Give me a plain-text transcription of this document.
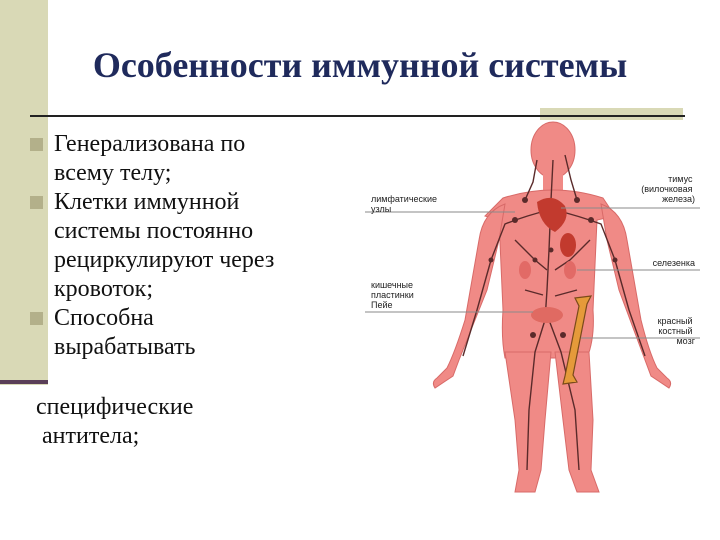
Особенности иммунной системы
Генерализована по
всему телу;
Клетки иммунной
системы постоянно
рециркулируют через
кровоток;
Способна
вырабатывать
специфические
антитела;
лимфатические узлы
тимус (вилочковая железа)
селезенка
кишечные пластинки Пейе
красный костный мозг
